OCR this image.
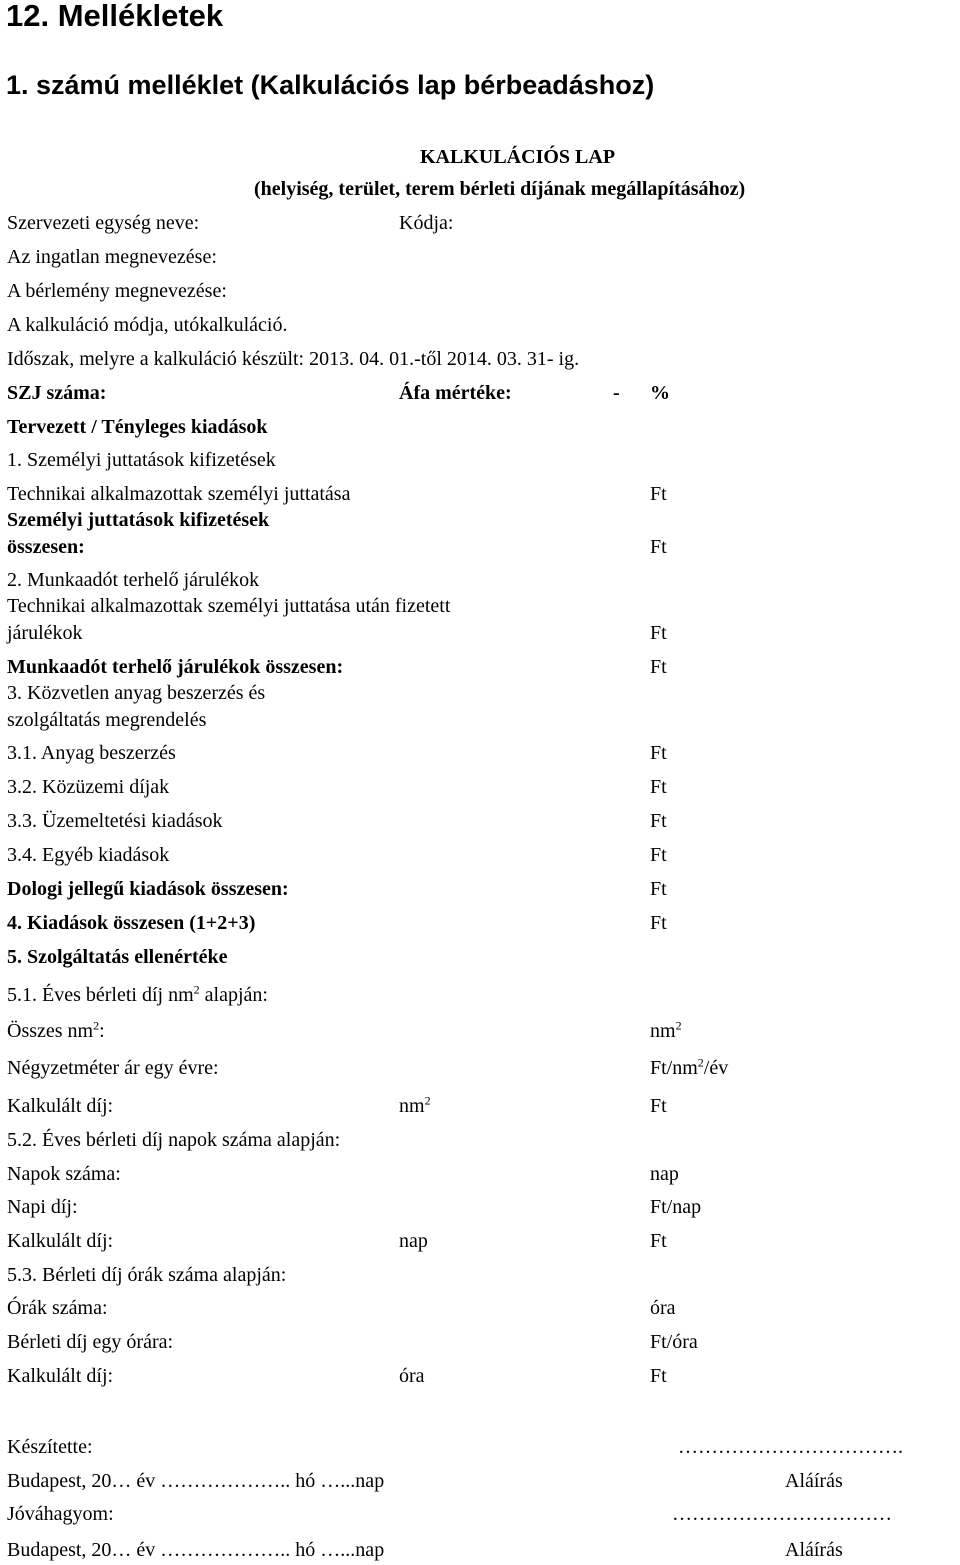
12. Mellékletek
1. számú melléklet (Kalkulációs lap bérbeadáshoz)
KALKULÁCIÓS LAP
(helyiség, terület, terem bérleti díjának megállapításához)
Szervezeti egység neve:	Kódja:
Az ingatlan megnevezése:
A bérlemény megnevezése:
A kalkuláció módja, utókalkuláció.
Időszak, melyre a kalkuláció készült: 2013. 04. 01.-től 2014. 03. 31- ig.
SZJ száma:	Áfa mértéke:	- %
Tervezett / Tényleges kiadások
1. Személyi juttatások kifizetések
Technikai alkalmazottak személyi juttatása	Ft
Személyi juttatások kifizetések
összesen:	Ft
2. Munkaadót terhelő járulékok
Technikai alkalmazottak személyi juttatása után fizetett
járulékok	Ft
Munkaadót terhelő járulékok összesen:	Ft
3. Közvetlen anyag beszerzés és
szolgáltatás megrendelés
3.1. Anyag beszerzés	Ft
3.2. Közüzemi díjak	Ft
3.3. Üzemeltetési kiadások	Ft
3.4. Egyéb kiadások	Ft
Dologi jellegű kiadások összesen:	Ft
4. Kiadások összesen (1+2+3)	Ft
5. Szolgáltatás ellenértéke
5.1. Éves bérleti díj $nm^2$ alapján:
Összes $nm^2$:	$nm^2$
Négyzetméter ár egy évre:	$Ft/nm^2/év$
Kalkulált díj:	$nm^2$	Ft
5.2. Éves bérleti díj napok száma alapján:
Napok száma:	nap
Napi díj:	Ft/nap
Kalkulált díj:	nap	Ft
5.3. Bérleti díj órák száma alapján:
Órák száma:	óra
Bérleti díj egy órára:	Ft/óra
Kalkulált díj:	óra	Ft
Készítette:	…………………………….
Budapest, 20… év ……………….. hó …...nap	Aláírás
Jóváhagyom:	……………………………
Budapest, 20… év ……………….. hó …...nap	Aláírás
